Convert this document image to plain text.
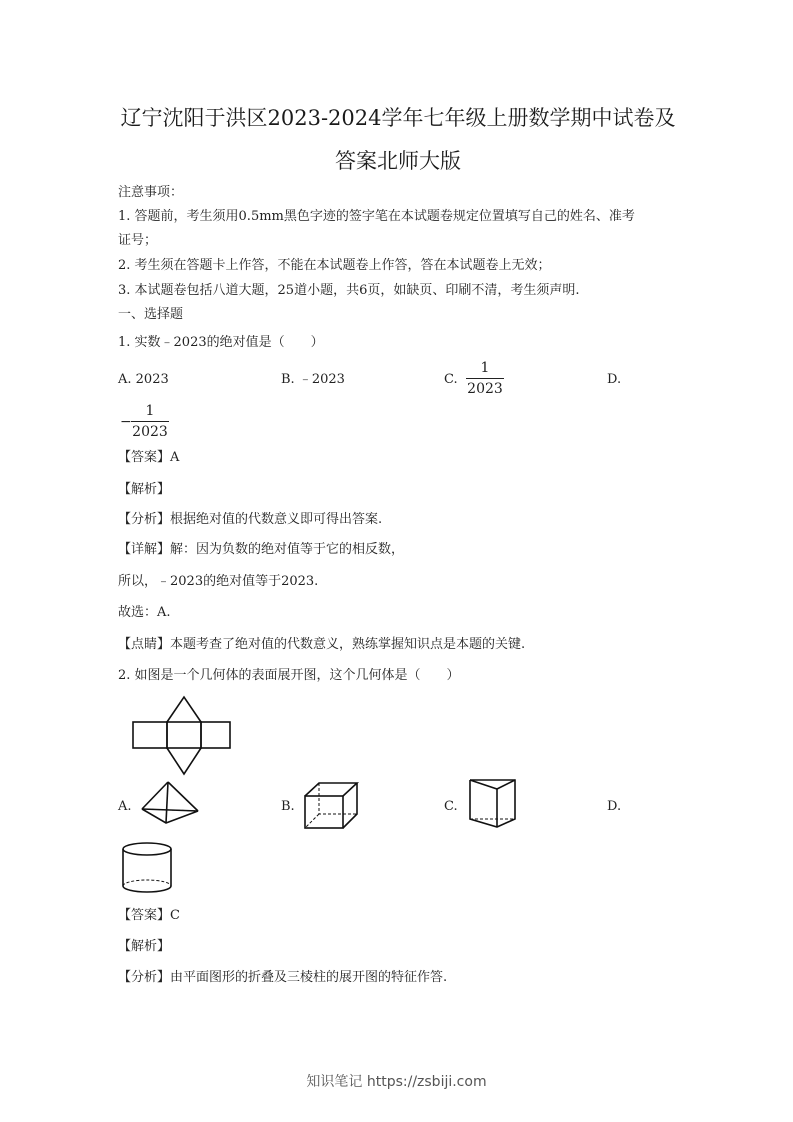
辽宁沈阳于洪区2023-2024学年七年级上册数学期中试卷及
答案北师大版
注意事项：
1. 答题前，考生须用0.5mm黑色字迹的签字笔在本试题卷规定位置填写自己的姓名、准考
证号；
2. 考生须在答题卡上作答，不能在本试题卷上作答，答在本试题卷上无效；
3. 本试题卷包括八道大题，25道小题，共6页，如缺页、印刷不清，考生须声明.
一、选择题
1. 实数﹣2023的绝对值是（　　）
A. 2023	B. ﹣2023	C.
1
2023
D.
−
1
2023
【答案】A
【解析】
【分析】根据绝对值的代数意义即可得出答案.
【详解】解：因为负数的绝对值等于它的相反数，
所以，﹣2023的绝对值等于2023.
故选：A.
【点睛】本题考查了绝对值的代数意义，熟练掌握知识点是本题的关键.
2. 如图是一个几何体的表面展开图，这个几何体是（　　）
A.	B.	C.	D.
【答案】C
【解析】
【分析】由平面图形的折叠及三棱柱的展开图的特征作答.
知识笔记 https://zsbiji.com
